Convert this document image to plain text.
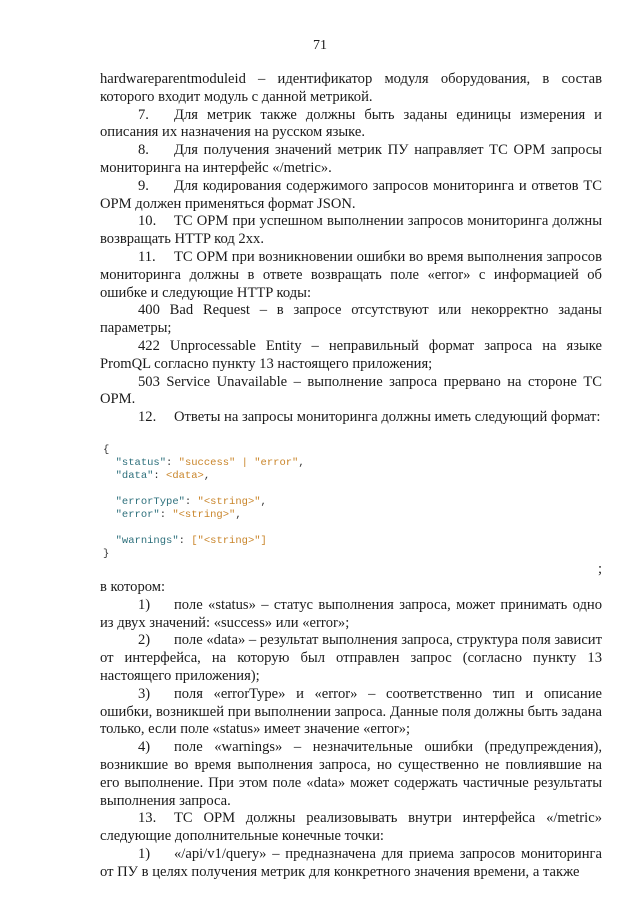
71

hardwareparentmoduleid – идентификатор модуля оборудования, в состав которого входит модуль с данной метрикой.

7. Для метрик также должны быть заданы единицы измерения и описания их назначения на русском языке.

8. Для получения значений метрик ПУ направляет ТС ОРМ запросы мониторинга на интерфейс «/metric».

9. Для кодирования содержимого запросов мониторинга и ответов ТС ОРМ должен применяться формат JSON.

10. ТС ОРМ при успешном выполнении запросов мониторинга должны возвращать HTTP код 2хх.

11. ТС ОРМ при возникновении ошибки во время выполнения запросов мониторинга должны в ответе возвращать поле «error» с информацией об ошибке и следующие HTTP коды:

400 Bad Request – в запросе отсутствуют или некорректно заданы параметры;

422 Unprocessable Entity – неправильный формат запроса на языке PromQL согласно пункту 13 настоящего приложения;

503 Service Unavailable – выполнение запроса прервано на стороне ТС ОРМ.

12. Ответы на запросы мониторинга должны иметь следующий формат:

{
"status": "success" | "error",
"data": <data>,
"errorType": "<string>",
"error": "<string>",
"warnings": ["<string>"]
}

;

в котором:

1) поле «status» – статус выполнения запроса, может принимать одно из двух значений: «success» или «error»;

2) поле «data» – результат выполнения запроса, структура поля зависит от интерфейса, на которую был отправлен запрос (согласно пункту 13 настоящего приложения);

3) поля «errorType» и «error» – соответственно тип и описание ошибки, возникшей при выполнении запроса. Данные поля должны быть задана только, если поле «status» имеет значение «error»;

4) поле «warnings» – незначительные ошибки (предупреждения), возникшие во время выполнения запроса, но существенно не повлиявшие на его выполнение. При этом поле «data» может содержать частичные результаты выполнения запроса.

13. ТС ОРМ должны реализовывать внутри интерфейса «/metric» следующие дополнительные конечные точки:

1) «/api/v1/query» – предназначена для приема запросов мониторинга от ПУ в целях получения метрик для конкретного значения времени, а также
